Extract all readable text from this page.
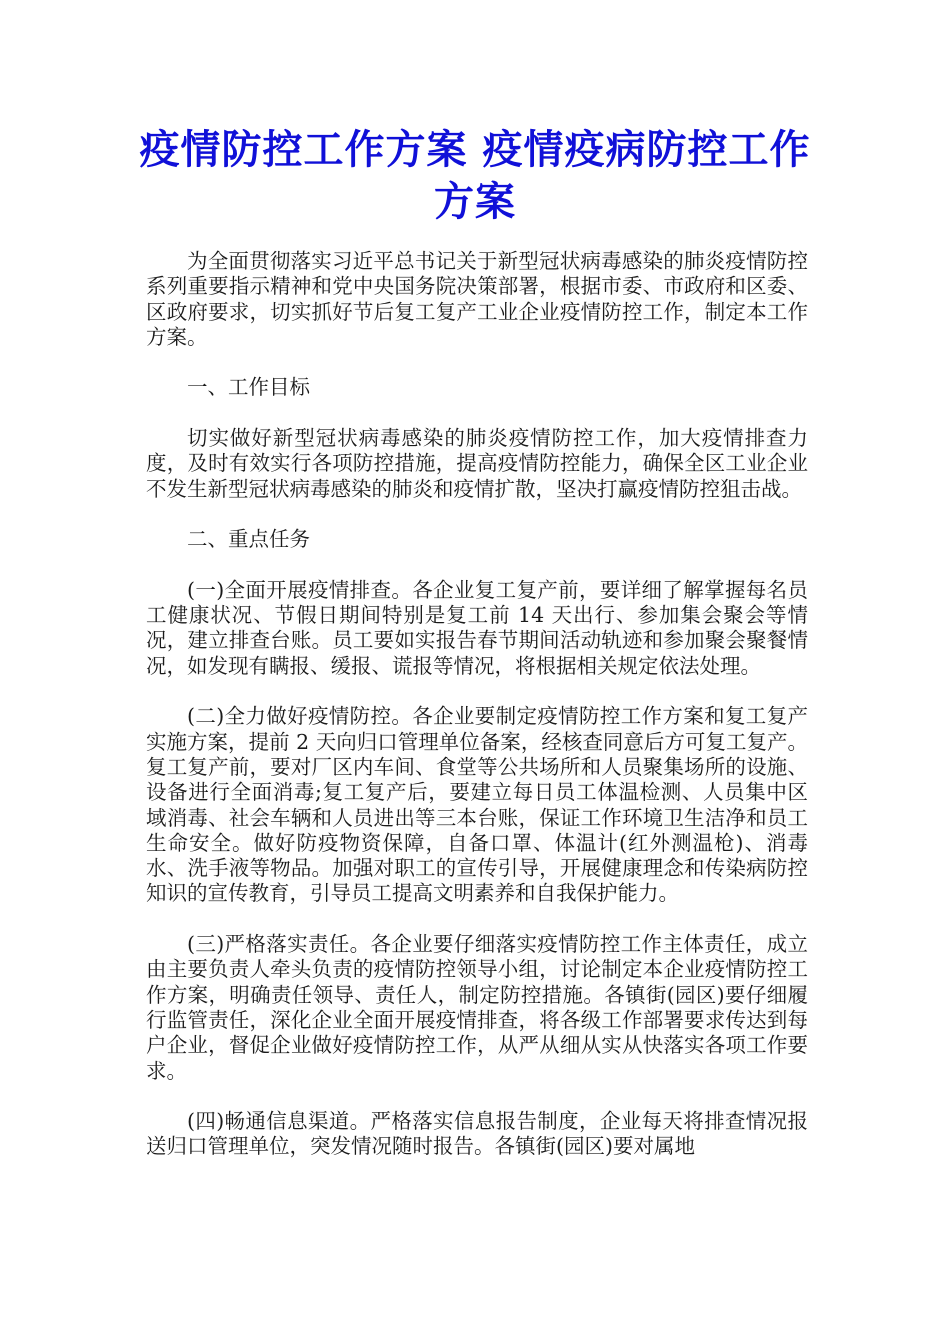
疫情防控工作方案 疫情疫病防控工作方案

为全面贯彻落实习近平总书记关于新型冠状病毒感染的肺炎疫情防控系列重要指示精神和党中央国务院决策部署，根据市委、市政府和区委、区政府要求，切实抓好节后复工复产工业企业疫情防控工作，制定本工作方案。

一、工作目标

切实做好新型冠状病毒感染的肺炎疫情防控工作，加大疫情排查力度，及时有效实行各项防控措施，提高疫情防控能力，确保全区工业企业不发生新型冠状病毒感染的肺炎和疫情扩散，坚决打赢疫情防控狙击战。

二、重点任务

(一)全面开展疫情排查。各企业复工复产前，要详细了解掌握每名员工健康状况、节假日期间特别是复工前 14 天出行、参加集会聚会等情况，建立排查台账。员工要如实报告春节期间活动轨迹和参加聚会聚餐情况，如发现有瞒报、缓报、谎报等情况，将根据相关规定依法处理。

(二)全力做好疫情防控。各企业要制定疫情防控工作方案和复工复产实施方案，提前 2 天向归口管理单位备案，经核查同意后方可复工复产。复工复产前，要对厂区内车间、食堂等公共场所和人员聚集场所的设施、设备进行全面消毒;复工复产后，要建立每日员工体温检测、人员集中区域消毒、社会车辆和人员进出等三本台账，保证工作环境卫生洁净和员工生命安全。做好防疫物资保障，自备口罩、体温计(红外测温枪)、消毒水、洗手液等物品。加强对职工的宣传引导，开展健康理念和传染病防控知识的宣传教育，引导员工提高文明素养和自我保护能力。

(三)严格落实责任。各企业要仔细落实疫情防控工作主体责任，成立由主要负责人牵头负责的疫情防控领导小组，讨论制定本企业疫情防控工作方案，明确责任领导、责任人，制定防控措施。各镇街(园区)要仔细履行监管责任，深化企业全面开展疫情排查，将各级工作部署要求传达到每户企业，督促企业做好疫情防控工作，从严从细从实从快落实各项工作要求。

(四)畅通信息渠道。严格落实信息报告制度，企业每天将排查情况报送归口管理单位，突发情况随时报告。各镇街(园区)要对属地
